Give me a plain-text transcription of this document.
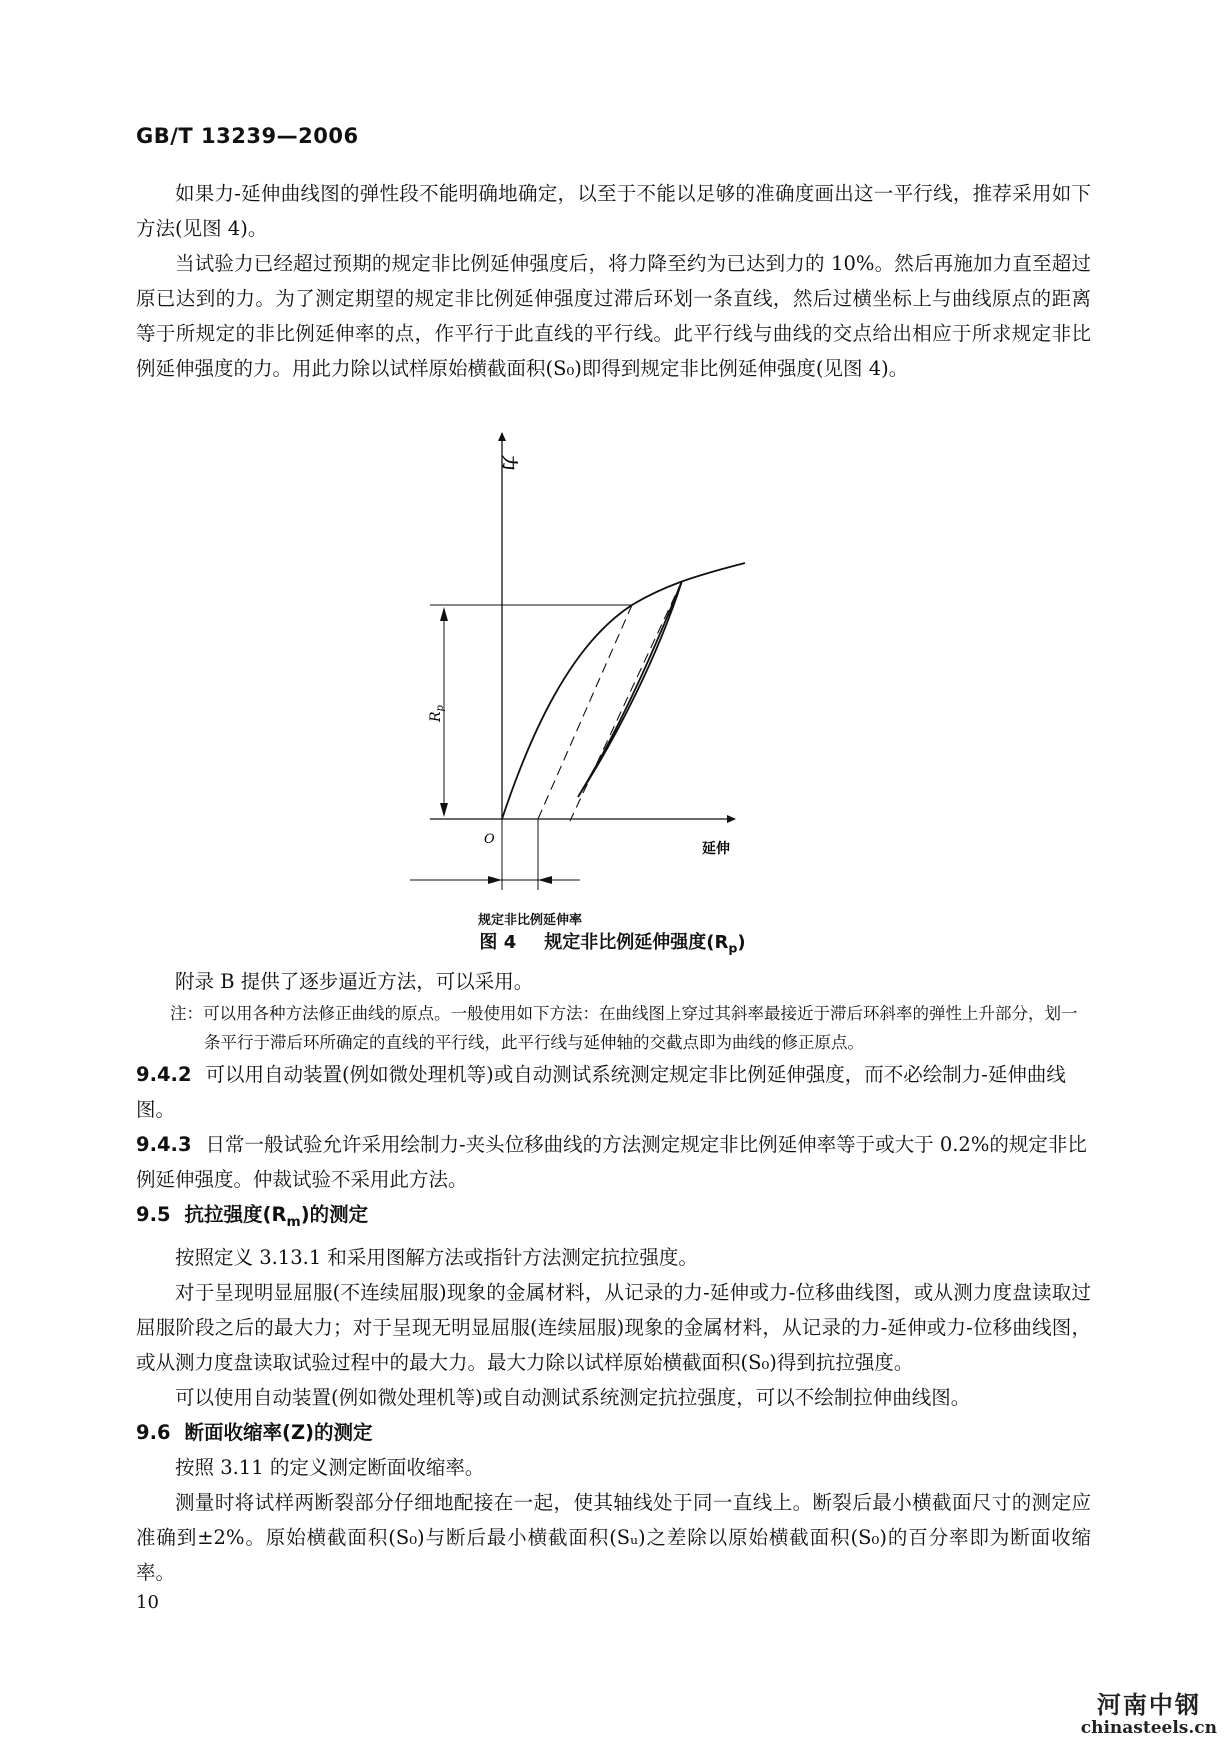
GB/T 13239—2006

如果力-延伸曲线图的弹性段不能明确地确定，以至于不能以足够的准确度画出这一平行线，推荐采用如下方法(见图 4)。

当试验力已经超过预期的规定非比例延伸强度后，将力降至约为已达到力的 10%。然后再施加力直至超过原已达到的力。为了测定期望的规定非比例延伸强度过滞后环划一条直线，然后过横坐标上与曲线原点的距离等于所规定的非比例延伸率的点，作平行于此直线的平行线。此平行线与曲线的交点给出相应于所求规定非比例延伸强度的力。用此力除以试样原始横截面积(S₀)即得到规定非比例延伸强度(见图 4)。

力
延伸
O
$R_p$
规定非比例延伸率
图 4 规定非比例延伸强度$(R_p)$

附录 B 提供了逐步逼近方法，可以采用。

注：可以用各种方法修正曲线的原点。一般使用如下方法：在曲线图上穿过其斜率最接近于滞后环斜率的弹性上升部分，划一条平行于滞后环所确定的直线的平行线，此平行线与延伸轴的交截点即为曲线的修正原点。

9.4.2 可以用自动装置(例如微处理机等)或自动测试系统测定规定非比例延伸强度，而不必绘制力-延伸曲线图。

9.4.3 日常一般试验允许采用绘制力-夹头位移曲线的方法测定规定非比例延伸率等于或大于 0.2%的规定非比例延伸强度。仲裁试验不采用此方法。

9.5 抗拉强度$(R_m)$的测定

按照定义 3.13.1 和采用图解方法或指针方法测定抗拉强度。

对于呈现明显屈服(不连续屈服)现象的金属材料，从记录的力-延伸或力-位移曲线图，或从测力度盘读取过屈服阶段之后的最大力；对于呈现无明显屈服(连续屈服)现象的金属材料，从记录的力-延伸或力-位移曲线图，或从测力度盘读取试验过程中的最大力。最大力除以试样原始横截面积(S₀)得到抗拉强度。

可以使用自动装置(例如微处理机等)或自动测试系统测定抗拉强度，可以不绘制拉伸曲线图。

9.6 断面收缩率(Z)的测定

按照 3.11 的定义测定断面收缩率。

测量时将试样两断裂部分仔细地配接在一起，使其轴线处于同一直线上。断裂后最小横截面尺寸的测定应准确到±2%。原始横截面积(S₀)与断后最小横截面积(Sᵤ)之差除以原始横截面积(S₀)的百分率即为断面收缩率。

10
河南中钢
chinasteels.cn
